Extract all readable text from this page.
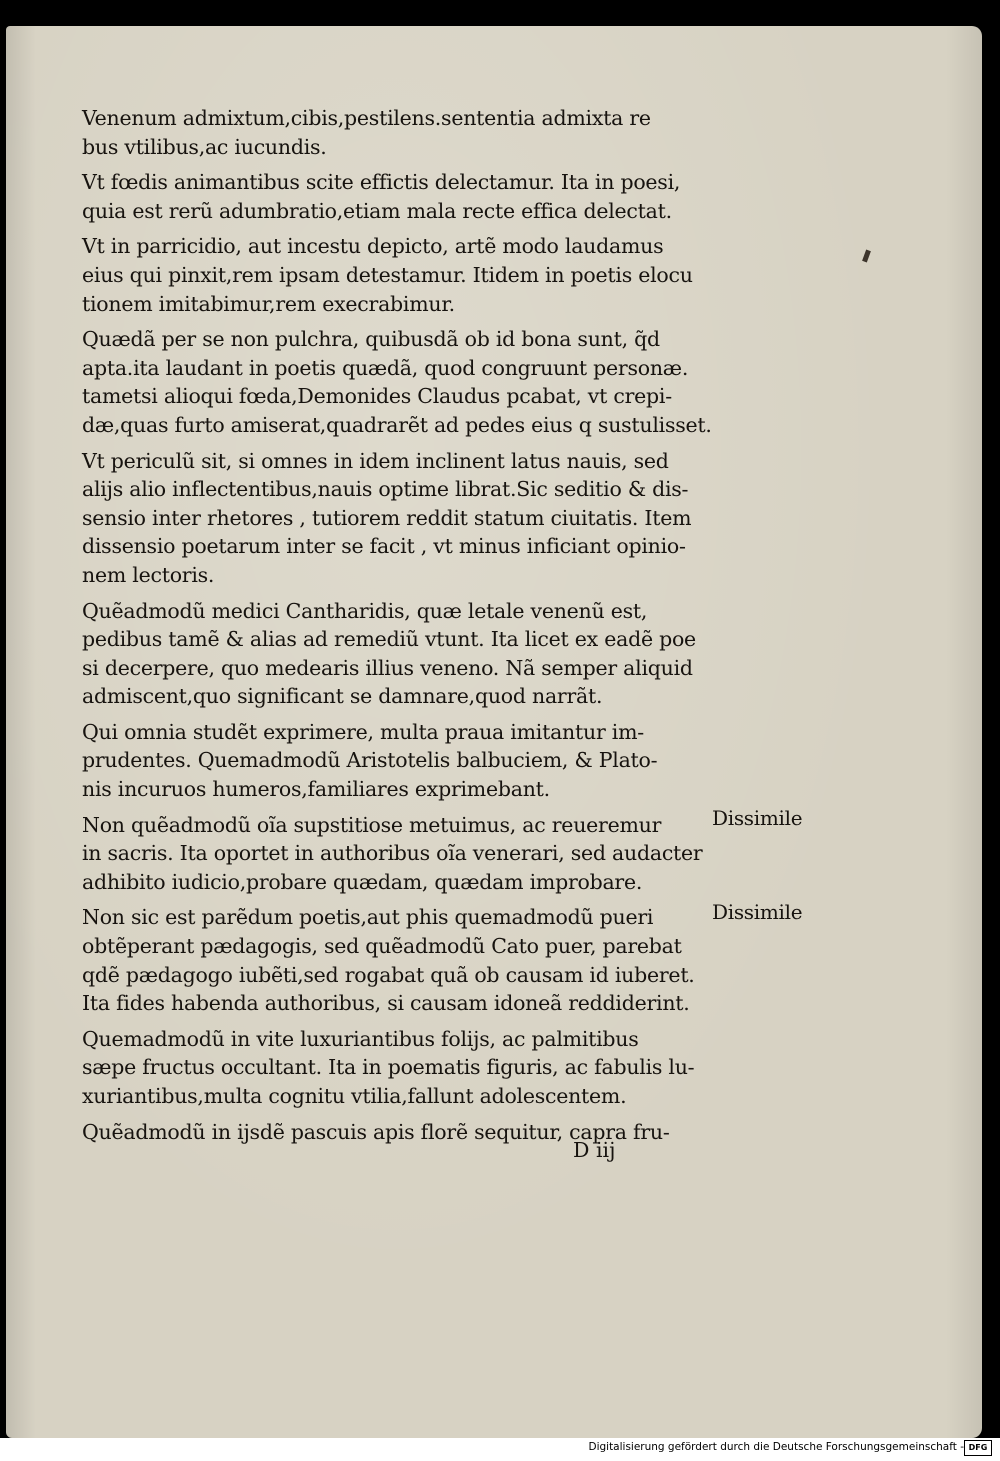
Venenum admixtum,cibis,pestilens.sententia admixta re
bus vtilibus,ac iucundis.
Vt fœdis animantibus scite effictis delectamur. Ita in poesi,
quia est rerũ adumbratio,etiam mala recte effica delectat.
Vt in parricidio, aut incestu depicto, artẽ modo laudamus
eius qui pinxit,rem ipsam detestamur. Itidem in poetis elocu
tionem imitabimur,rem execrabimur.
Quædã per se non pulchra, quibusdã ob id bona sunt, q̃d
apta.ita laudant in poetis quædã, quod congruunt personæ.
tametsi alioqui fœda,Demonides Claudus pcabat, vt crepi-
dæ,quas furto amiserat,quadrarẽt ad pedes eius q sustulisset.
Vt periculũ sit, si omnes in idem inclinent latus nauis, sed
alijs alio inflectentibus,nauis optime librat.Sic seditio & dis-
sensio inter rhetores , tutiorem reddit statum ciuitatis. Item
dissensio poetarum inter se facit , vt minus inficiant opinio-
nem lectoris.
Quẽadmodũ medici Cantharidis, quæ letale venenũ est,
pedibus tamẽ & alias ad remediũ vtunt. Ita licet ex eadẽ poe
si decerpere, quo medearis illius veneno. Nã semper aliquid
admiscent,quo significant se damnare,quod narrãt.
Qui omnia studẽt exprimere, multa praua imitantur im-
prudentes. Quemadmodũ Aristotelis balbuciem, & Plato-
nis incuruos humeros,familiares exprimebant.
Non quẽadmodũ oĩa supstitiose metuimus, ac reueremur
in sacris. Ita oportet in authoribus oĩa venerari, sed audacter
adhibito iudicio,probare quædam, quædam improbare.
Non sic est parẽdum poetis,aut phis quemadmodũ pueri
obtẽperant pædagogis, sed quẽadmodũ Cato puer, parebat
qdẽ pædagogo iubẽti,sed rogabat quã ob causam id iuberet.
Ita fides habenda authoribus, si causam idoneã reddiderint.
Quemadmodũ in vite luxuriantibus folijs, ac palmitibus
sæpe fructus occultant. Ita in poematis figuris, ac fabulis lu-
xuriantibus,multa cognitu vtilia,fallunt adolescentem.
Quẽadmodũ in ijsdẽ pascuis apis florẽ sequitur, capra fru-
Dissimile
Dissimile
D iij
Digitalisierung gefördert durch die Deutsche Forschungsgemeinschaft - DFG
